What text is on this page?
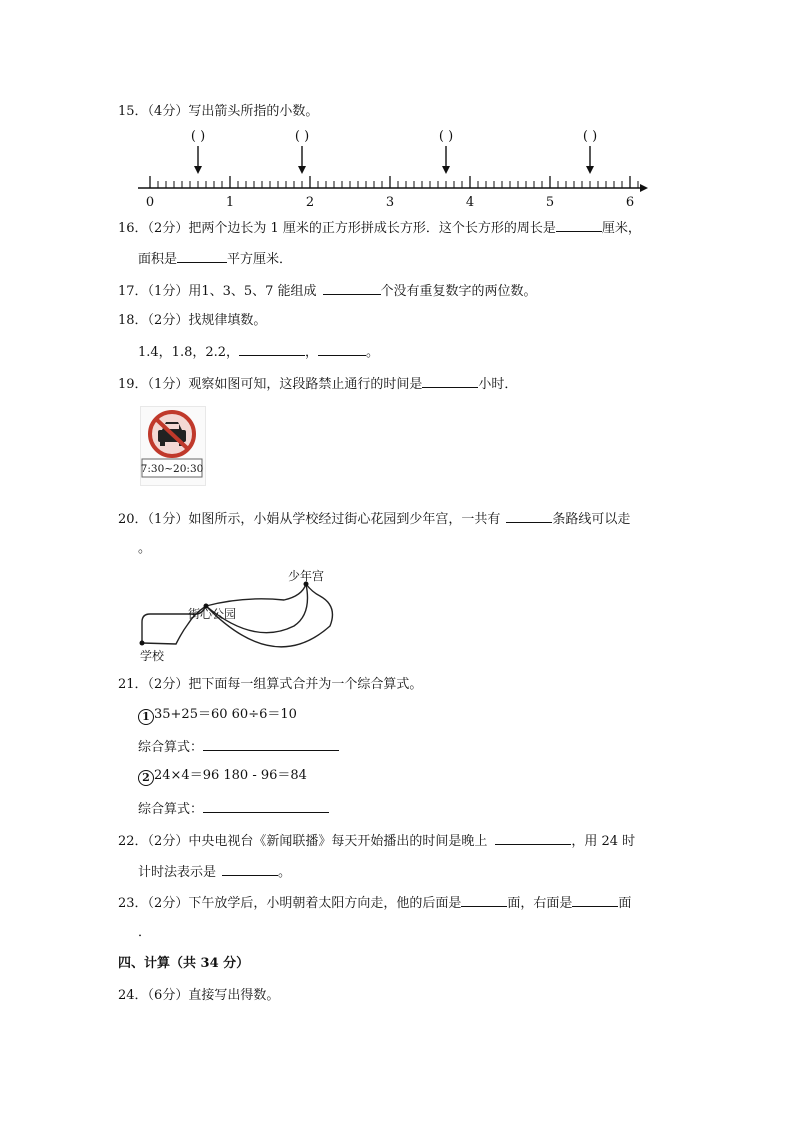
15．（4分）写出箭头所指的小数。
0	1	2	3	4	5	6
( )	( )	( )	( )
16．（2分）把两个边长为 1 厘米的正方形拼成长方形．这个长方形的周长是	厘米，
面积是	平方厘米．
17．（1分）用1、3、5、7 能组成	个没有重复数字的两位数。
18．（2分）找规律填数。
1.4，1.8，2.2，	，	。
19．（1分）观察如图可知，这段路禁止通行的时间是	小时．
7:30~20:30
20．（1分）如图所示，小娟从学校经过街心花园到少年宫，一共有	条路线可以走
。
少年宫
街心公园
学校
21．（2分）把下面每一组算式合并为一个综合算式。
1 35+25＝60 60÷6＝10
综合算式：
2 24×4＝96 180 - 96＝84
综合算式：
22．（2分）中央电视台《新闻联播》每天开始播出的时间是晚上	，用 24 时
计时法表示是	。
23．（2分）下午放学后，小明朝着太阳方向走，他的后面是	面，右面是	面
．
四、计算（共 34 分）
24．（6分）直接写出得数。
